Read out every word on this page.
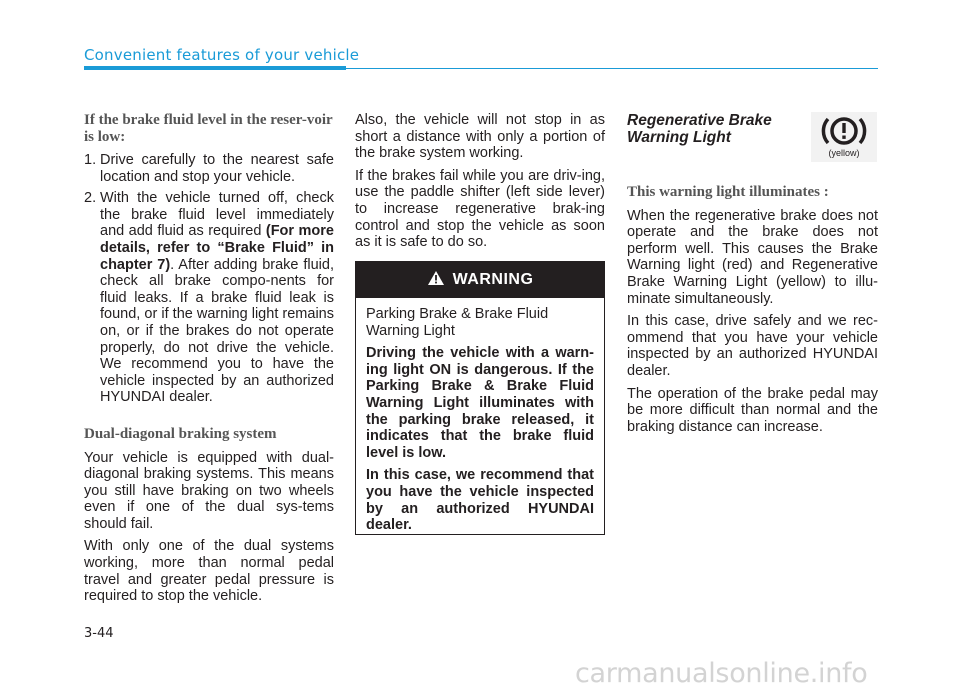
Convenient features of your vehicle

If the brake fluid level in the reser-voir is low:

1. Drive carefully to the nearest safe location and stop your vehicle.
2. With the vehicle turned off, check the brake fluid level immediately and add fluid as required (For more details, refer to “Brake Fluid” in chapter 7). After adding brake fluid, check all brake compo-nents for fluid leaks. If a brake fluid leak is found, or if the warning light remains on, or if the brakes do not operate properly, do not drive the vehicle. We recommend you to have the vehicle inspected by an authorized HYUNDAI dealer.

Dual-diagonal braking system

Your vehicle is equipped with dual-diagonal braking systems. This means you still have braking on two wheels even if one of the dual sys-tems should fail.

With only one of the dual systems working, more than normal pedal travel and greater pedal pressure is required to stop the vehicle.

Also, the vehicle will not stop in as short a distance with only a portion of the brake system working.

If the brakes fail while you are driv-ing, use the paddle shifter (left side lever) to increase regenerative brak-ing control and stop the vehicle as soon as it is safe to do so.

WARNING

Parking Brake & Brake Fluid Warning Light

Driving the vehicle with a warn-ing light ON is dangerous. If the Parking Brake & Brake Fluid Warning Light illuminates with the parking brake released, it indicates that the brake fluid level is low.

In this case, we recommend that you have the vehicle inspected by an authorized HYUNDAI dealer.

Regenerative Brake
Warning Light

This warning light illuminates :

When the regenerative brake does not operate and the brake does not perform well. This causes the Brake Warning light (red) and Regenerative Brake Warning Light (yellow) to illu-minate simultaneously.

In this case, drive safely and we rec-ommend that you have your vehicle inspected by an authorized HYUNDAI dealer.

The operation of the brake pedal may be more difficult than normal and the braking distance can increase.

(yellow)
3-44
carmanualsonline.info
